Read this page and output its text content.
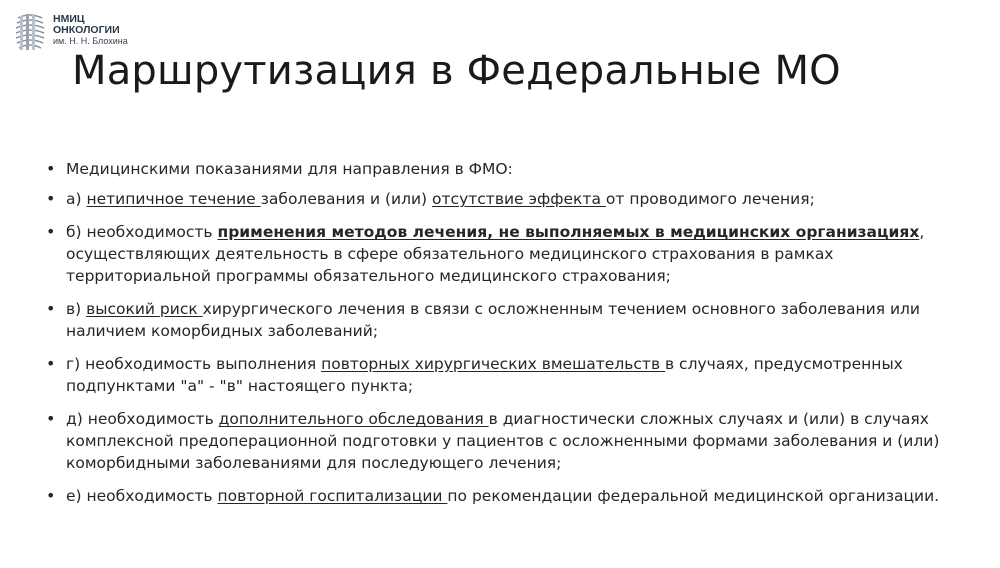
НМИЦ
ОНКОЛОГИИ
им. Н. Н. Блохина
Маршрутизация в Федеральные МО
• Медицинскими показаниями для направления в ФМО:
• а) нетипичное течение заболевания и (или) отсутствие эффекта от проводимого лечения;
• б) необходимость применения методов лечения, не выполняемых в медицинских организациях, осуществляющих деятельность в сфере обязательного медицинского страхования в рамках территориальной программы обязательного медицинского страхования;
• в) высокий риск хирургического лечения в связи с осложненным течением основного заболевания или наличием коморбидных заболеваний;
• г) необходимость выполнения повторных хирургических вмешательств в случаях, предусмотренных подпунктами "а" - "в" настоящего пункта;
• д) необходимость дополнительного обследования в диагностически сложных случаях и (или) в случаях комплексной предоперационной подготовки у пациентов с осложненными формами заболевания и (или) коморбидными заболеваниями для последующего лечения;
• е) необходимость повторной госпитализации по рекомендации федеральной медицинской организации.
